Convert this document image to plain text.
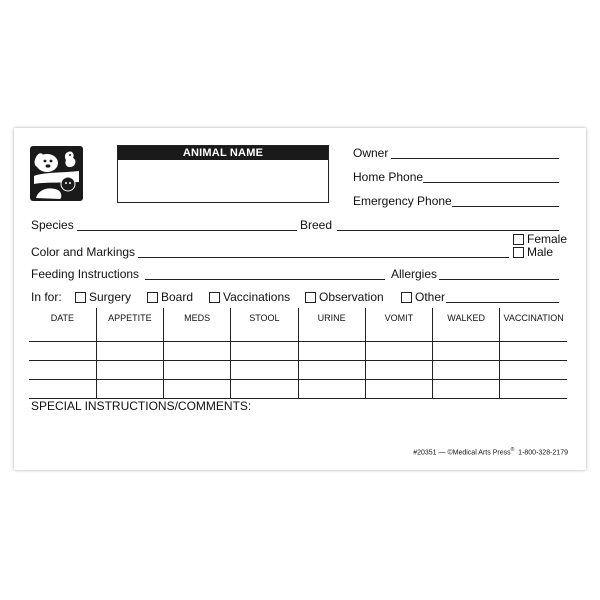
ANIMAL NAME	Owner
Home Phone
Emergency Phone
Species	Breed
Female
Male
Color and Markings
Feeding Instructions	Allergies
In for: Surgery Board Vaccinations Observation	Other
DATE	APPETITE	MEDS	STOOL	URINE	VOMIT	WALKED	VACCINATION

SPECIAL INSTRUCTIONS/COMMENTS:
#20351 — ©Medical Arts Press® 1-800-328-2179
